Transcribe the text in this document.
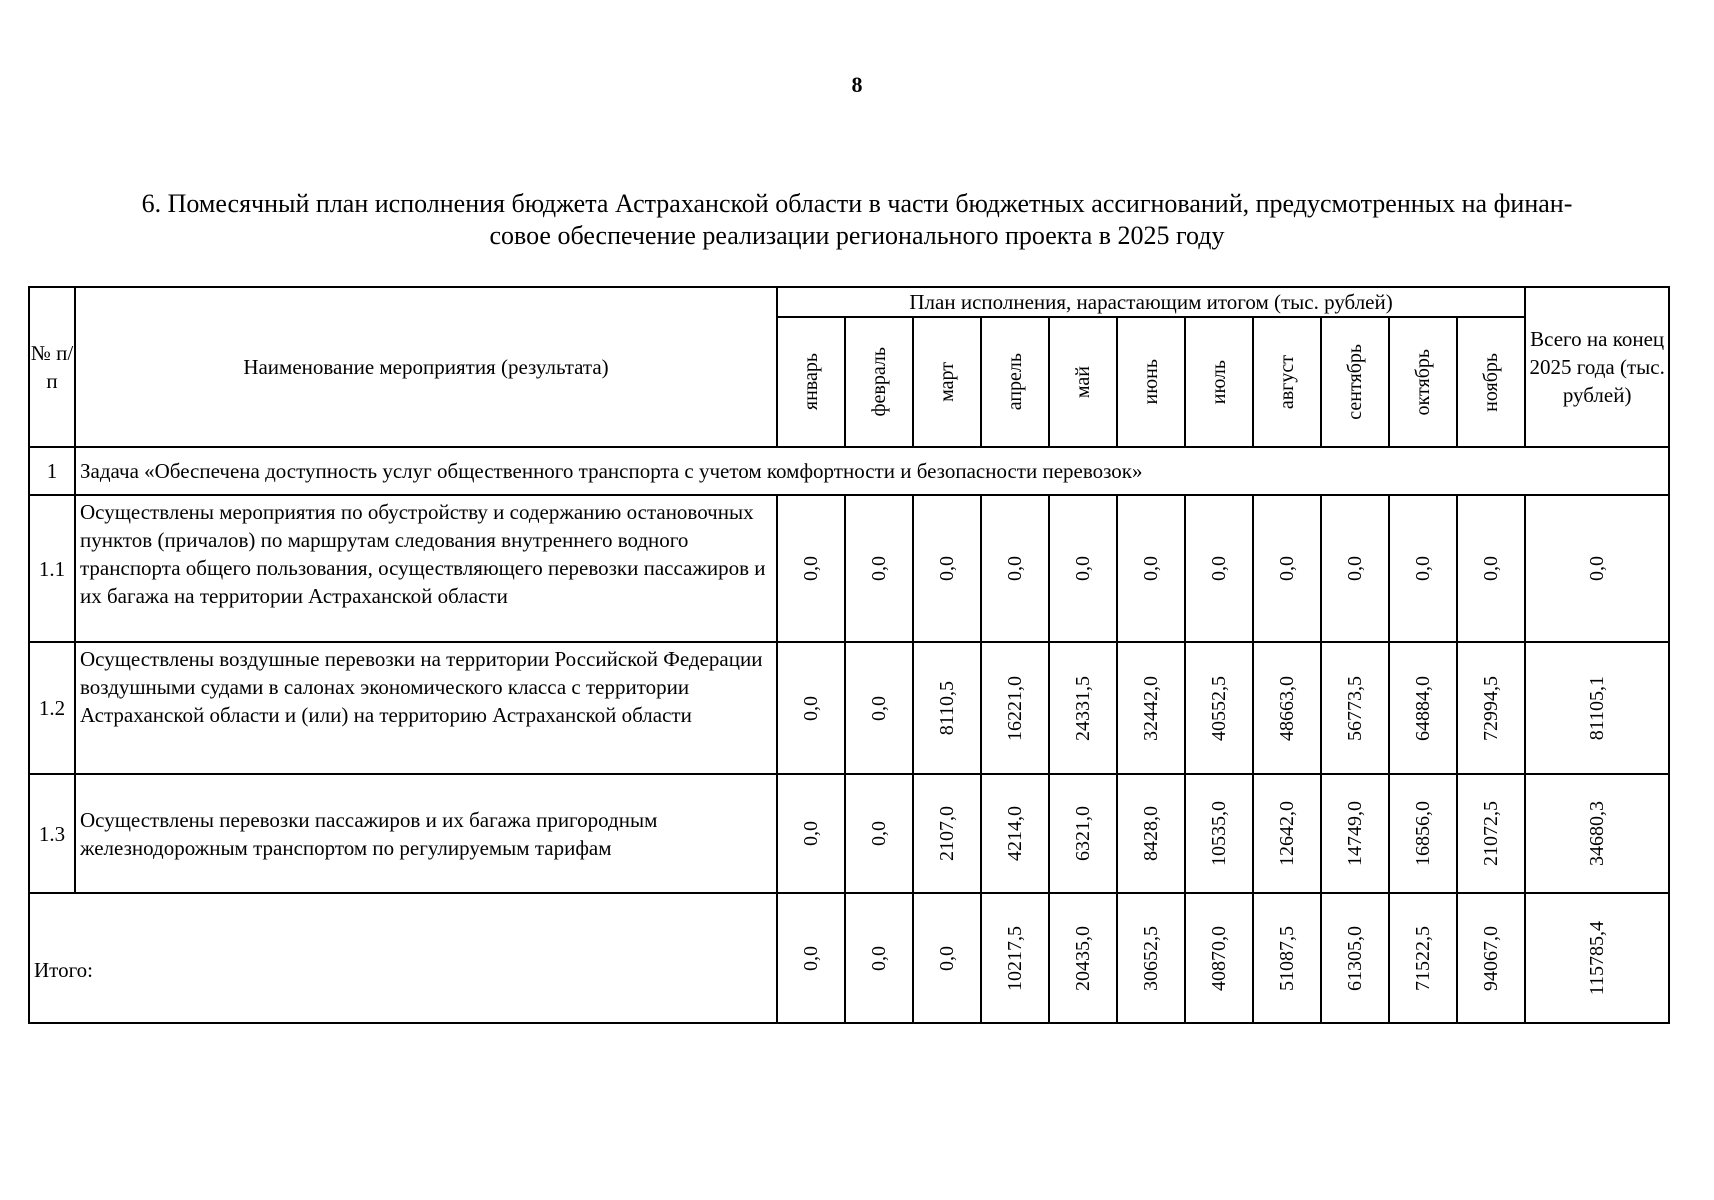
8
6. Помесячный план исполнения бюджета Астраханской области в части бюджетных ассигнований, предусмотренных на финан-
совое обеспечение реализации регионального проекта в 2025 году
№ п/п	Наименование мероприятия (результата)	План исполнения, нарастающим итогом (тыс. рублей)											Всего на конец 2025 года (тыс. рублей)

		январь	февраль	март	апрель	май	июнь	июль	август	сентябрь	октябрь	ноябрь	

1	Задача «Обеспечена доступность услуг общественного транспорта с учетом комфортности и безопасности перевозок»												
1.1	Осуществлены мероприятия по обустройству и содержанию остановочных пунктов (причалов) по маршрутам следования внутреннего водного транспорта общего пользования, осуществляющего перевозки пассажиров и их багажа на территории Астраханской области	0,0	0,0	0,0	0,0	0,0	0,0	0,0	0,0	0,0	0,0	0,0	0,0

1.2	Осуществлены воздушные перевозки на территории Российской Федерации воздушными судами в салонах экономического класса с территории Астраханской области и (или) на территорию Астраханской области	0,0	0,0	8110,5	16221,0	24331,5	32442,0	40552,5	48663,0	56773,5	64884,0	72994,5	81105,1

1.3	Осуществлены перевозки пассажиров и их багажа пригородным железнодорожным транспортом по регулируемым тарифам	0,0	0,0	2107,0	4214,0	6321,0	8428,0	10535,0	12642,0	14749,0	16856,0	21072,5	34680,3

Итого:		0,0	0,0	0,0	10217,5	20435,0	30652,5	40870,0	51087,5	61305,0	71522,5	94067,0	115785,4
